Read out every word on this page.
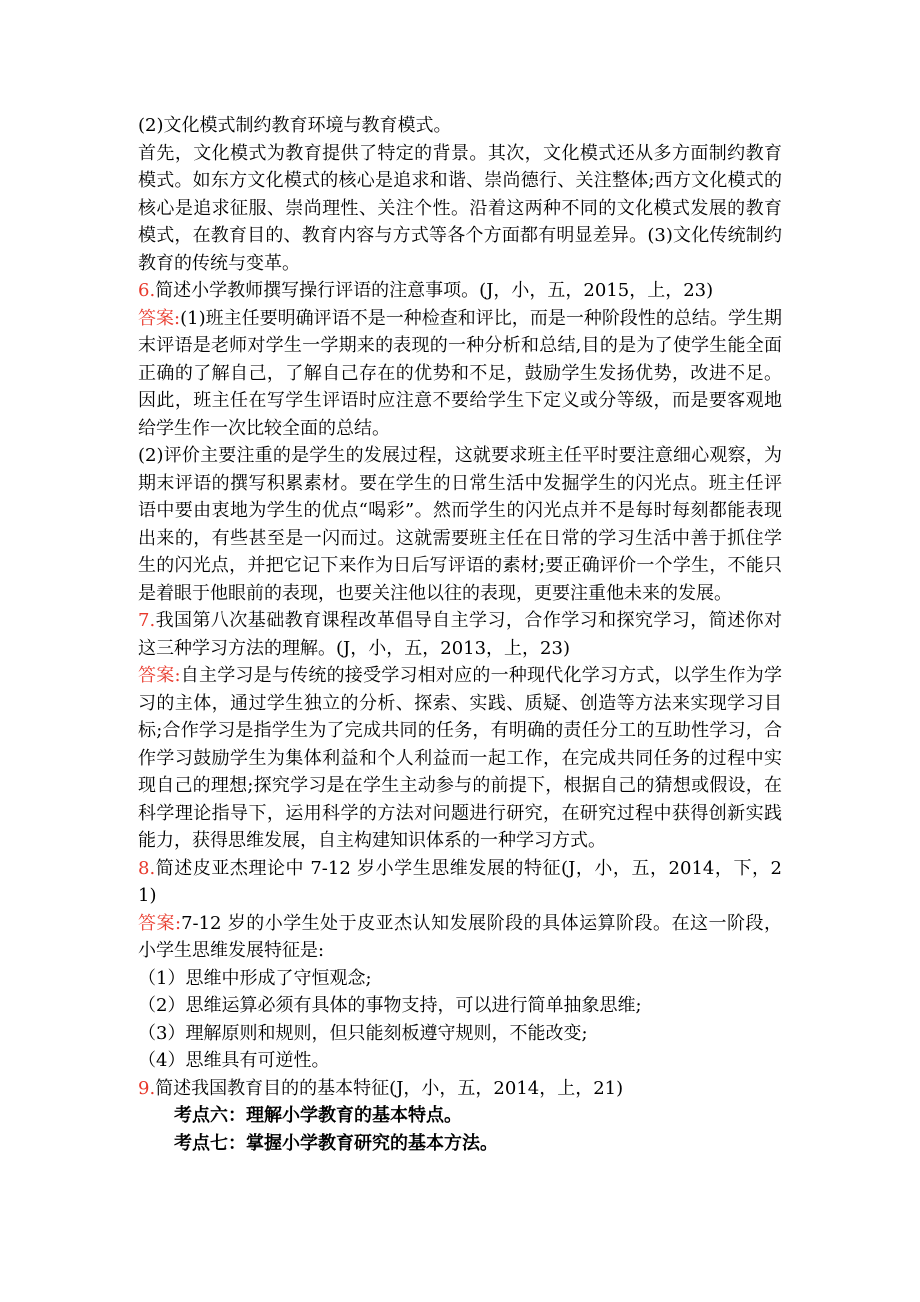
(2)文化模式制约教育环境与教育模式。

首先，文化模式为教育提供了特定的背景。其次，文化模式还从多方面制约教育模式。如东方文化模式的核心是追求和谐、崇尚德行、关注整体;西方文化模式的核心是追求征服、崇尚理性、关注个性。沿着这两种不同的文化模式发展的教育模式，在教育目的、教育内容与方式等各个方面都有明显差异。(3)文化传统制约教育的传统与变革。

6.简述小学教师撰写操行评语的注意事项。(J，小，五，2015，上，23)

答案:(1)班主任要明确评语不是一种检查和评比，而是一种阶段性的总结。学生期末评语是老师对学生一学期来的表现的一种分析和总结,目的是为了使学生能全面正确的了解自己，了解自己存在的优势和不足，鼓励学生发扬优势，改进不足。因此，班主任在写学生评语时应注意不要给学生下定义或分等级，而是要客观地给学生作一次比较全面的总结。

(2)评价主要注重的是学生的发展过程，这就要求班主任平时要注意细心观察，为期末评语的撰写积累素材。要在学生的日常生活中发掘学生的闪光点。班主任评语中要由衷地为学生的优点“喝彩”。然而学生的闪光点并不是每时每刻都能表现出来的，有些甚至是一闪而过。这就需要班主任在日常的学习生活中善于抓住学生的闪光点，并把它记下来作为日后写评语的素材;要正确评价一个学生，不能只是着眼于他眼前的表现，也要关注他以往的表现，更要注重他未来的发展。

7.我国第八次基础教育课程改革倡导自主学习，合作学习和探究学习，简述你对这三种学习方法的理解。(J，小，五，2013，上，23)

答案:自主学习是与传统的接受学习相对应的一种现代化学习方式，以学生作为学习的主体，通过学生独立的分析、探索、实践、质疑、创造等方法来实现学习目标;合作学习是指学生为了完成共同的任务，有明确的责任分工的互助性学习，合作学习鼓励学生为集体利益和个人利益而一起工作，在完成共同任务的过程中实现自己的理想;探究学习是在学生主动参与的前提下，根据自己的猜想或假设，在科学理论指导下，运用科学的方法对问题进行研究，在研究过程中获得创新实践能力，获得思维发展，自主构建知识体系的一种学习方式。

8.简述皮亚杰理论中 7-12 岁小学生思维发展的特征(J，小，五，2014，下，21)

答案:7-12 岁的小学生处于皮亚杰认知发展阶段的具体运算阶段。在这一阶段，小学生思维发展特征是:

（1）思维中形成了守恒观念;

（2）思维运算必须有具体的事物支持，可以进行简单抽象思维;

（3）理解原则和规则，但只能刻板遵守规则，不能改变;

（4）思维具有可逆性。

9.简述我国教育目的的基本特征(J，小，五，2014，上，21)

考点六：理解小学教育的基本特点。

考点七：掌握小学教育研究的基本方法。
